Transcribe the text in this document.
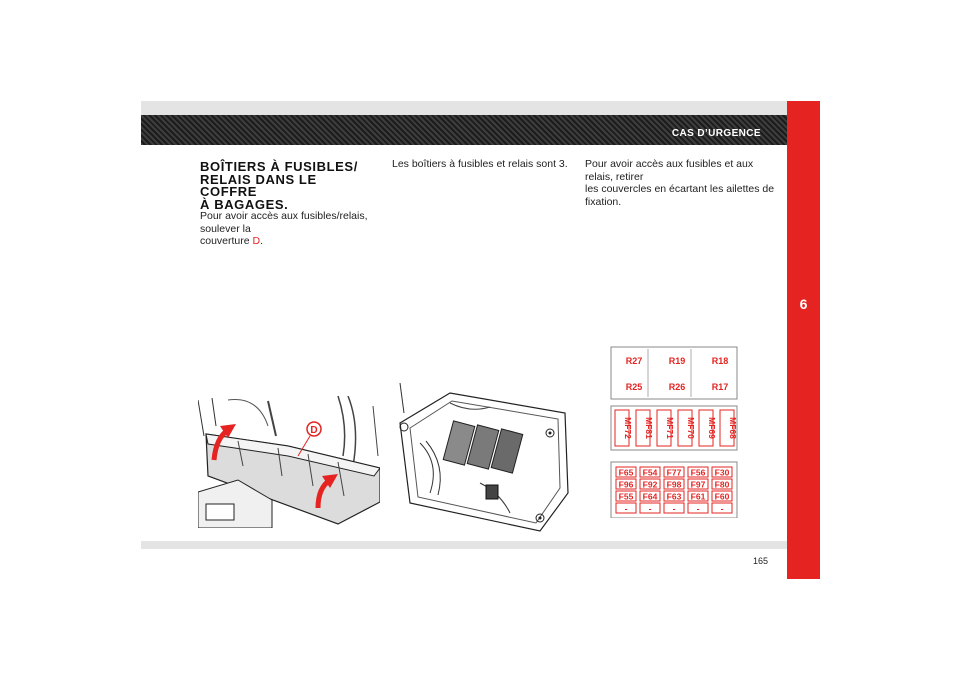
CAS D’URGENCE
6
BOÎTIERS À FUSIBLES/
RELAIS DANS LE COFFRE
À BAGAGES.
Pour avoir accès aux fusibles/relais, soulever la
couverture D.
Les boîtiers à fusibles et relais sont 3.	Pour avoir accès aux fusibles et aux relais, retirer
les couvercles en écartant les ailettes de fixation.
D
R27	R19	R18
R25	R26	R17
MF72 MF81 MF71 MF70 MF69 MF68
F65 F54 F77 F56 F30
F96 F92 F98 F97 F80
F55 F64 F63 F61 F60
- - - - -
165
